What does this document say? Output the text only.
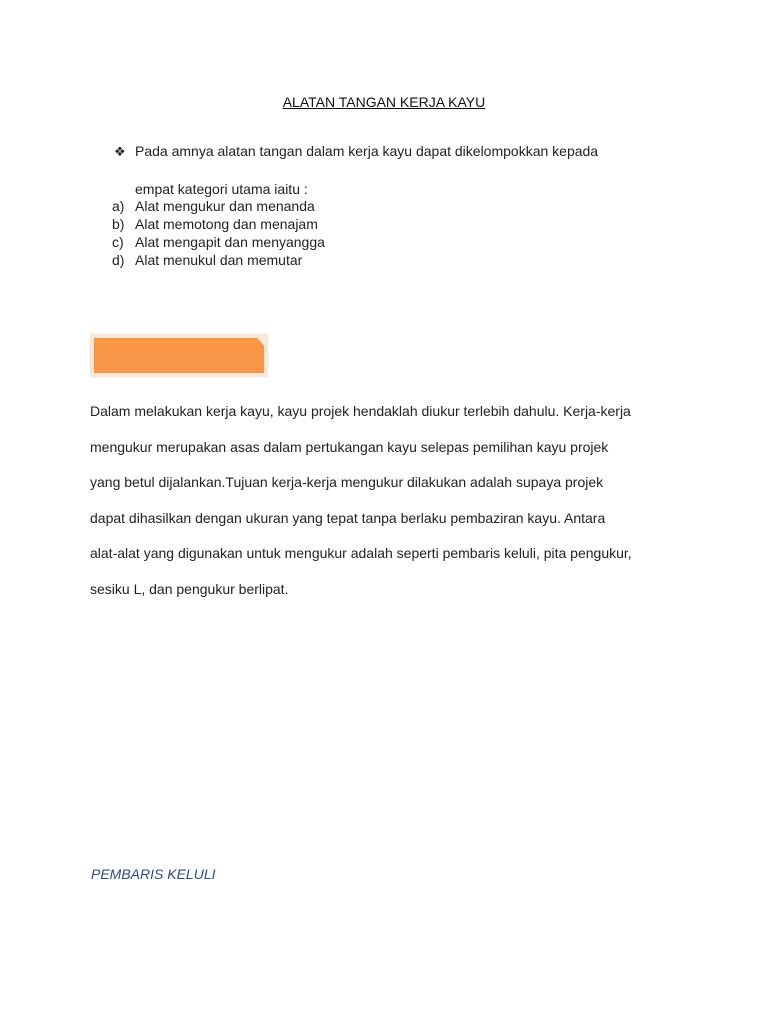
ALATAN TANGAN KERJA KAYU
❖ Pada amnya alatan tangan dalam kerja kayu dapat dikelompokkan kepada
empat kategori utama iaitu :
a) Alat mengukur dan menanda
b) Alat memotong dan menajam
c) Alat mengapit dan menyangga
d) Alat menukul dan memutar
Dalam melakukan kerja kayu, kayu projek hendaklah diukur terlebih dahulu. Kerja-kerja
mengukur merupakan asas dalam pertukangan kayu selepas pemilihan kayu projek
yang betul dijalankan.Tujuan kerja-kerja mengukur dilakukan adalah supaya projek
dapat dihasilkan dengan ukuran yang tepat tanpa berlaku pembaziran kayu. Antara
alat-alat yang digunakan untuk mengukur adalah seperti pembaris keluli, pita pengukur,
sesiku L, dan pengukur berlipat.
PEMBARIS KELULI
